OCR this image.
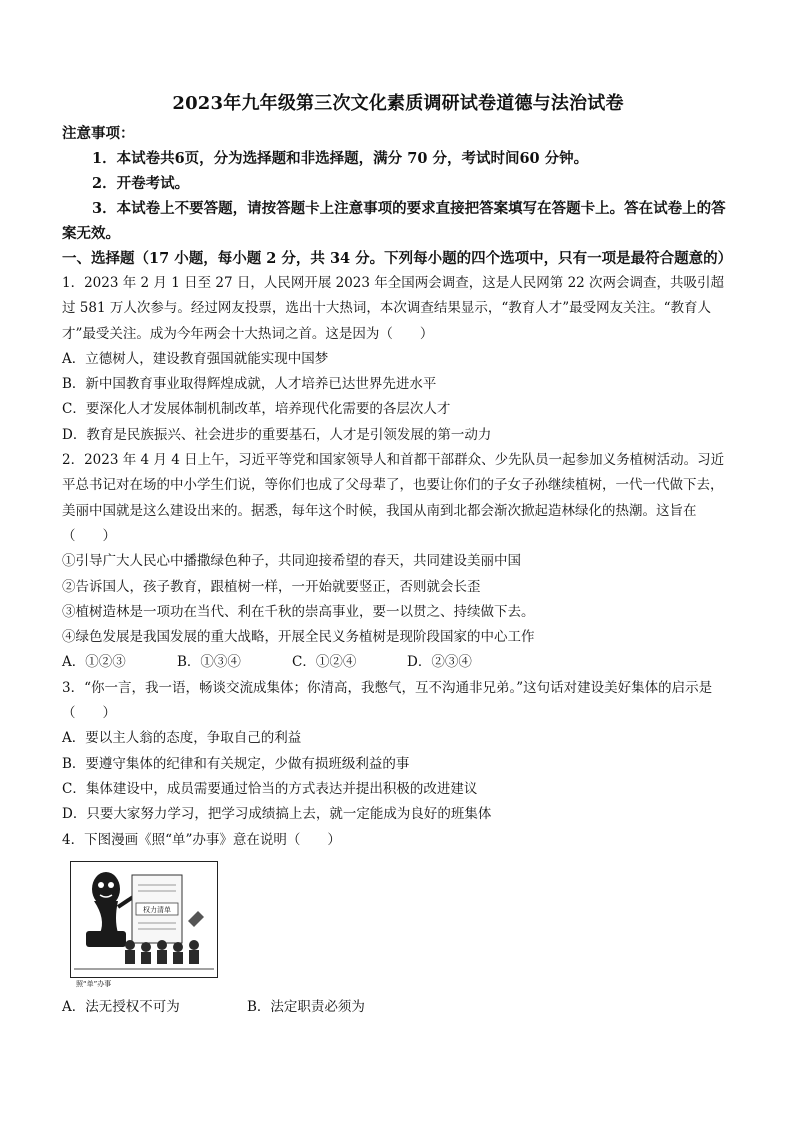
2023年九年级第三次文化素质调研试卷道德与法治试卷
注意事项：
1．本试卷共6页，分为选择题和非选择题，满分 70 分，考试时间60 分钟。
2．开卷考试。
3．本试卷上不要答题，请按答题卡上注意事项的要求直接把答案填写在答题卡上。答在试卷上的答案无效。
一、选择题（17 小题，每小题 2 分，共 34 分。下列每小题的四个选项中，只有一项是最符合题意的）
1．2023 年 2 月 1 日至 27 日，人民网开展 2023 年全国两会调查，这是人民网第 22 次两会调查，共吸引超过 581 万人次参与。经过网友投票，选出十大热词，本次调查结果显示，“教育人才”最受网友关注。“教育人才”最受关注。成为今年两会十大热词之首。这是因为（　　）
A．立德树人，建设教育强国就能实现中国梦
B．新中国教育事业取得辉煌成就，人才培养已达世界先进水平
C．要深化人才发展体制机制改革，培养现代化需要的各层次人才
D．教育是民族振兴、社会进步的重要基石，人才是引领发展的第一动力
2．2023 年 4 月 4 日上午，习近平等党和国家领导人和首都干部群众、少先队员一起参加义务植树活动。习近平总书记对在场的中小学生们说，等你们也成了父母辈了，也要让你们的子女子孙继续植树，一代一代做下去，美丽中国就是这么建设出来的。据悉，每年这个时候，我国从南到北都会渐次掀起造林绿化的热潮。这旨在（　　）
①引导广大人民心中播撒绿色种子，共同迎接希望的春天，共同建设美丽中国
②告诉国人，孩子教育，跟植树一样，一开始就要竖正，否则就会长歪
③植树造林是一项功在当代、利在千秋的崇高事业，要一以贯之、持续做下去。
④绿色发展是我国发展的重大战略，开展全民义务植树是现阶段国家的中心工作
A．①②③	B．①③④	C．①②④	D．②③④
3．“你一言，我一语，畅谈交流成集体；你清高，我憋气，互不沟通非兄弟。”这句话对建设美好集体的启示是（　　）
A．要以主人翁的态度，争取自己的利益
B．要遵守集体的纪律和有关规定，少做有损班级利益的事
C．集体建设中，成员需要通过恰当的方式表达并提出积极的改进建议
D．只要大家努力学习，把学习成绩搞上去，就一定能成为良好的班集体
4．下图漫画《照“单”办事》意在说明（　　）
权力清单
照“单”办事
A．法无授权不可为	B．法定职责必须为
